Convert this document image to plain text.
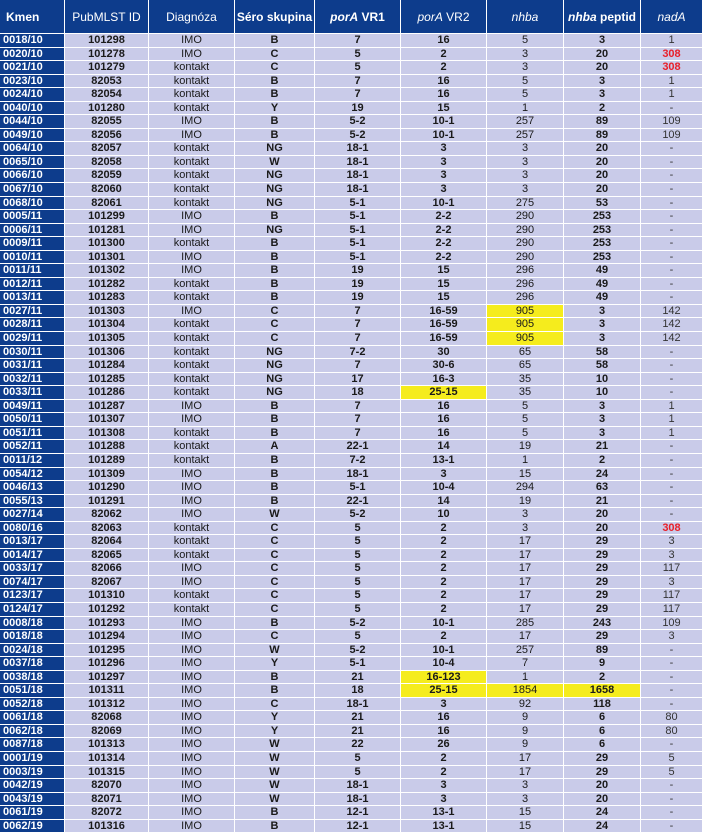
Kmen	PubMLST ID	Diagnóza	Séro skupina	porA VR1	porA VR2	nhba	nhba peptid	nadA
0018/10	101298	IMO	B	7	16	5	3	1
0020/10	101278	IMO	C	5	2	3	20	308
0021/10	101279	kontakt	C	5	2	3	20	308
0023/10	82053	kontakt	B	7	16	5	3	1
0024/10	82054	kontakt	B	7	16	5	3	1
0040/10	101280	kontakt	Y	19	15	1	2	-
0044/10	82055	IMO	B	5-2	10-1	257	89	109
0049/10	82056	IMO	B	5-2	10-1	257	89	109
0064/10	82057	kontakt	NG	18-1	3	3	20	-
0065/10	82058	kontakt	W	18-1	3	3	20	-
0066/10	82059	kontakt	NG	18-1	3	3	20	-
0067/10	82060	kontakt	NG	18-1	3	3	20	-
0068/10	82061	kontakt	NG	5-1	10-1	275	53	-
0005/11	101299	IMO	B	5-1	2-2	290	253	-
0006/11	101281	IMO	NG	5-1	2-2	290	253	-
0009/11	101300	kontakt	B	5-1	2-2	290	253	-
0010/11	101301	IMO	B	5-1	2-2	290	253	-
0011/11	101302	IMO	B	19	15	296	49	-
0012/11	101282	kontakt	B	19	15	296	49	-
0013/11	101283	kontakt	B	19	15	296	49	-
0027/11	101303	IMO	C	7	16-59	905	3	142
0028/11	101304	kontakt	C	7	16-59	905	3	142
0029/11	101305	kontakt	C	7	16-59	905	3	142
0030/11	101306	kontakt	NG	7-2	30	65	58	-
0031/11	101284	kontakt	NG	7	30-6	65	58	-
0032/11	101285	kontakt	NG	17	16-3	35	10	-
0033/11	101286	kontakt	NG	18	25-15	35	10	-
0049/11	101287	IMO	B	7	16	5	3	1
0050/11	101307	IMO	B	7	16	5	3	1
0051/11	101308	kontakt	B	7	16	5	3	1
0052/11	101288	kontakt	A	22-1	14	19	21	-
0011/12	101289	kontakt	B	7-2	13-1	1	2	-
0054/12	101309	IMO	B	18-1	3	15	24	-
0046/13	101290	IMO	B	5-1	10-4	294	63	-
0055/13	101291	IMO	B	22-1	14	19	21	-
0027/14	82062	IMO	W	5-2	10	3	20	-
0080/16	82063	kontakt	C	5	2	3	20	308
0013/17	82064	kontakt	C	5	2	17	29	3
0014/17	82065	kontakt	C	5	2	17	29	3
0033/17	82066	IMO	C	5	2	17	29	117
0074/17	82067	IMO	C	5	2	17	29	3
0123/17	101310	kontakt	C	5	2	17	29	117
0124/17	101292	kontakt	C	5	2	17	29	117
0008/18	101293	IMO	B	5-2	10-1	285	243	109
0018/18	101294	IMO	C	5	2	17	29	3
0024/18	101295	IMO	W	5-2	10-1	257	89	-
0037/18	101296	IMO	Y	5-1	10-4	7	9	-
0038/18	101297	IMO	B	21	16-123	1	2	-
0051/18	101311	IMO	B	18	25-15	1854	1658	-
0052/18	101312	IMO	C	18-1	3	92	118	-
0061/18	82068	IMO	Y	21	16	9	6	80
0062/18	82069	IMO	Y	21	16	9	6	80
0087/18	101313	IMO	W	22	26	9	6	-
0001/19	101314	IMO	W	5	2	17	29	5
0003/19	101315	IMO	W	5	2	17	29	5
0042/19	82070	IMO	W	18-1	3	3	20	-
0043/19	82071	IMO	W	18-1	3	3	20	-
0061/19	82072	IMO	B	12-1	13-1	15	24	-
0062/19	101316	IMO	B	12-1	13-1	15	24	-
